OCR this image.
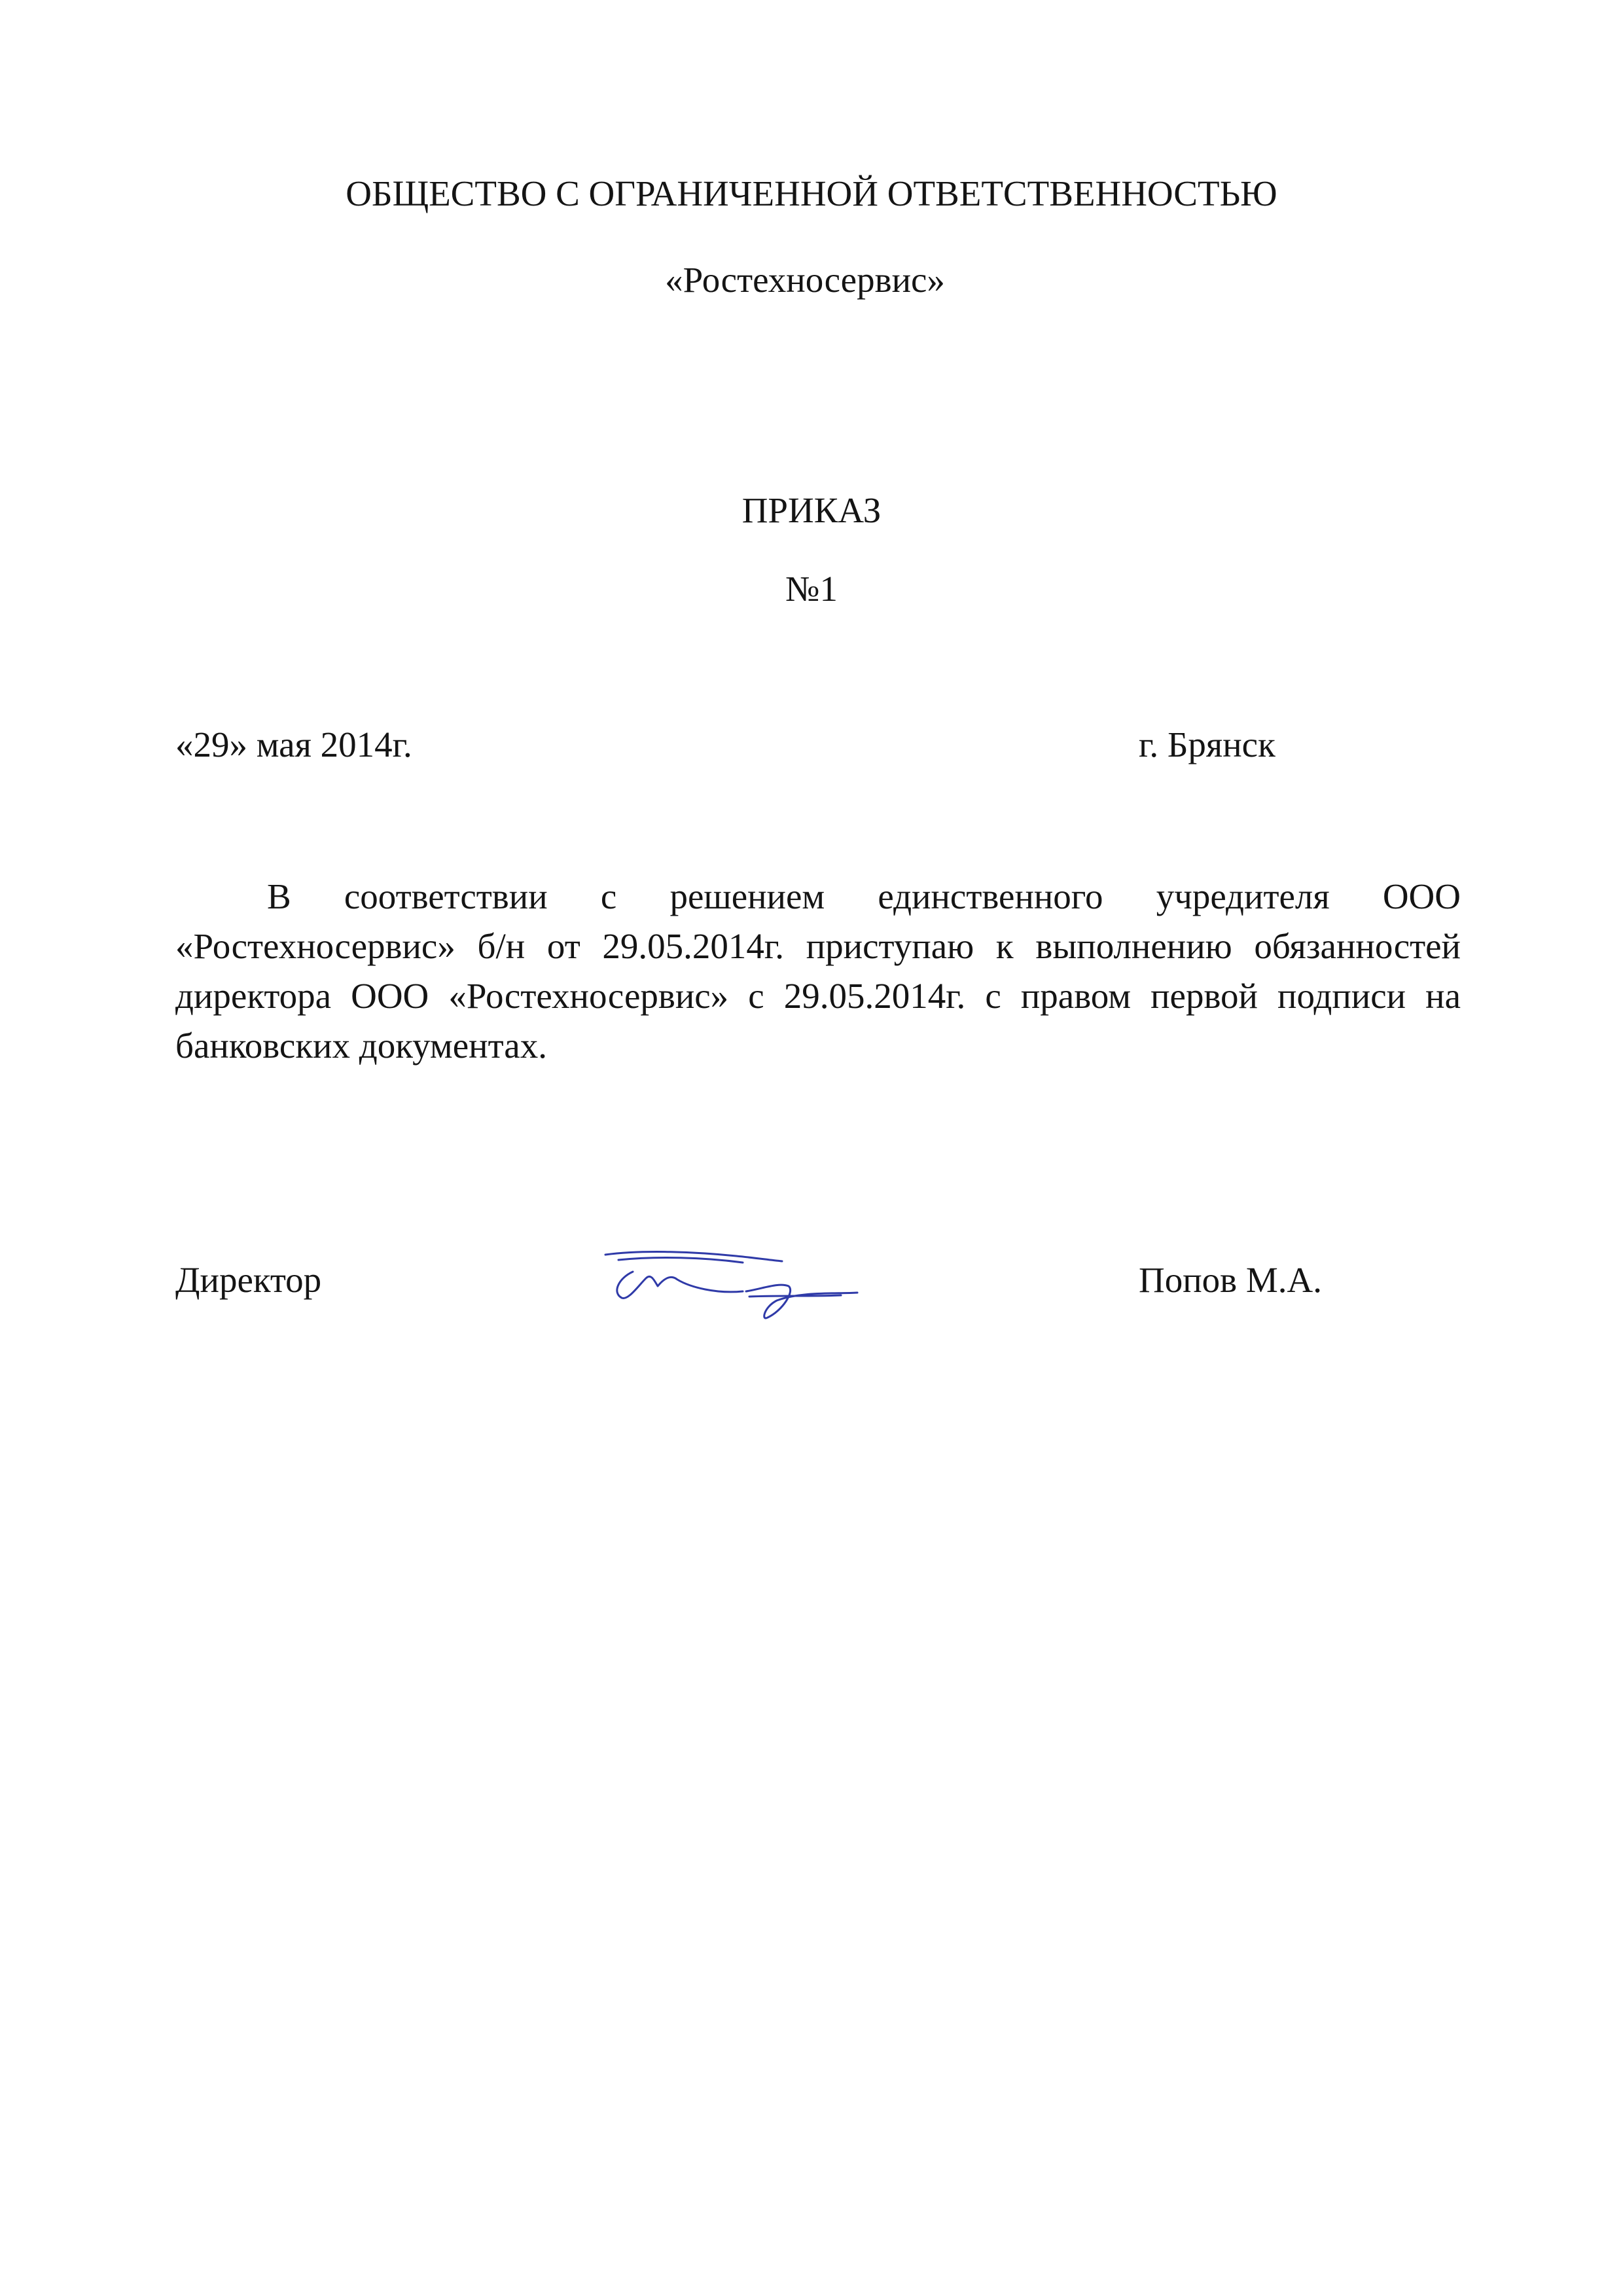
ОБЩЕСТВО С ОГРАНИЧЕННОЙ ОТВЕТСТВЕННОСТЬЮ

«Ростехносервис»

ПРИКАЗ

№1

«29» мая 2014г.	г. Брянск

В соответствии с решением единственного учредителя ООО «Ростехносервис» б/н от 29.05.2014г. приступаю к выполнению обязанностей директора ООО «Ростехносервис» с 29.05.2014г. с правом первой подписи на банковских документах.

Директор	Попов М.А.
